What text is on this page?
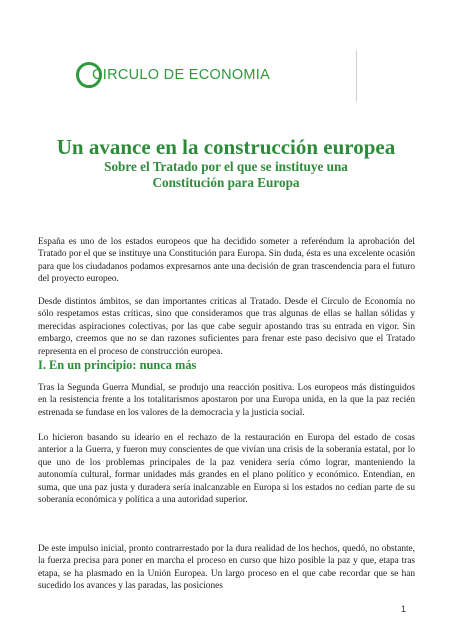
CIRCULO DE ECONOMIA
Un avance en la construcción europea
Sobre el Tratado por el que se instituye una Constitución para Europa

España es uno de los estados europeos que ha decidido someter a referéndum la aprobación del Tratado por el que se instituye una Constitución para Europa. Sin duda, ésta es una excelente ocasión para que los ciudadanos podamos expresarnos ante una decisión de gran trascendencia para el futuro del proyecto europeo.

Desde distintos ámbitos, se dan importantes críticas al Tratado. Desde el Círculo de Economía no sólo respetamos estas críticas, sino que consideramos que tras algunas de ellas se hallan sólidas y merecidas aspiraciones colectivas, por las que cabe seguir apostando tras su entrada en vigor. Sin embargo, creemos que no se dan razones suficientes para frenar este paso decisivo que el Tratado representa en el proceso de construcción europea.

I. En un principio: nunca más

Tras la Segunda Guerra Mundial, se produjo una reacción positiva. Los europeos más distinguidos en la resistencia frente a los totalitarismos apostaron por una Europa unida, en la que la paz recién estrenada se fundase en los valores de la democracia y la justicia social.

Lo hicieron basando su ideario en el rechazo de la restauración en Europa del estado de cosas anterior a la Guerra, y fueron muy conscientes de que vivían una crisis de la soberanía estatal, por lo que uno de los problemas principales de la paz venidera sería cómo lograr, manteniendo la autonomía cultural, formar unidades más grandes en el plano político y económico. Entendían, en suma, que una paz justa y duradera sería inalcanzable en Europa si los estados no cedían parte de su soberanía económica y política a una autoridad superior.

De este impulso inicial, pronto contrarrestado por la dura realidad de los hechos, quedó, no obstante, la fuerza precisa para poner en marcha el proceso en curso que hizo posible la paz y que, etapa tras etapa, se ha plasmado en la Unión Europea. Un largo proceso en el que cabe recordar que se han sucedido los avances y las paradas, las posiciones

1
